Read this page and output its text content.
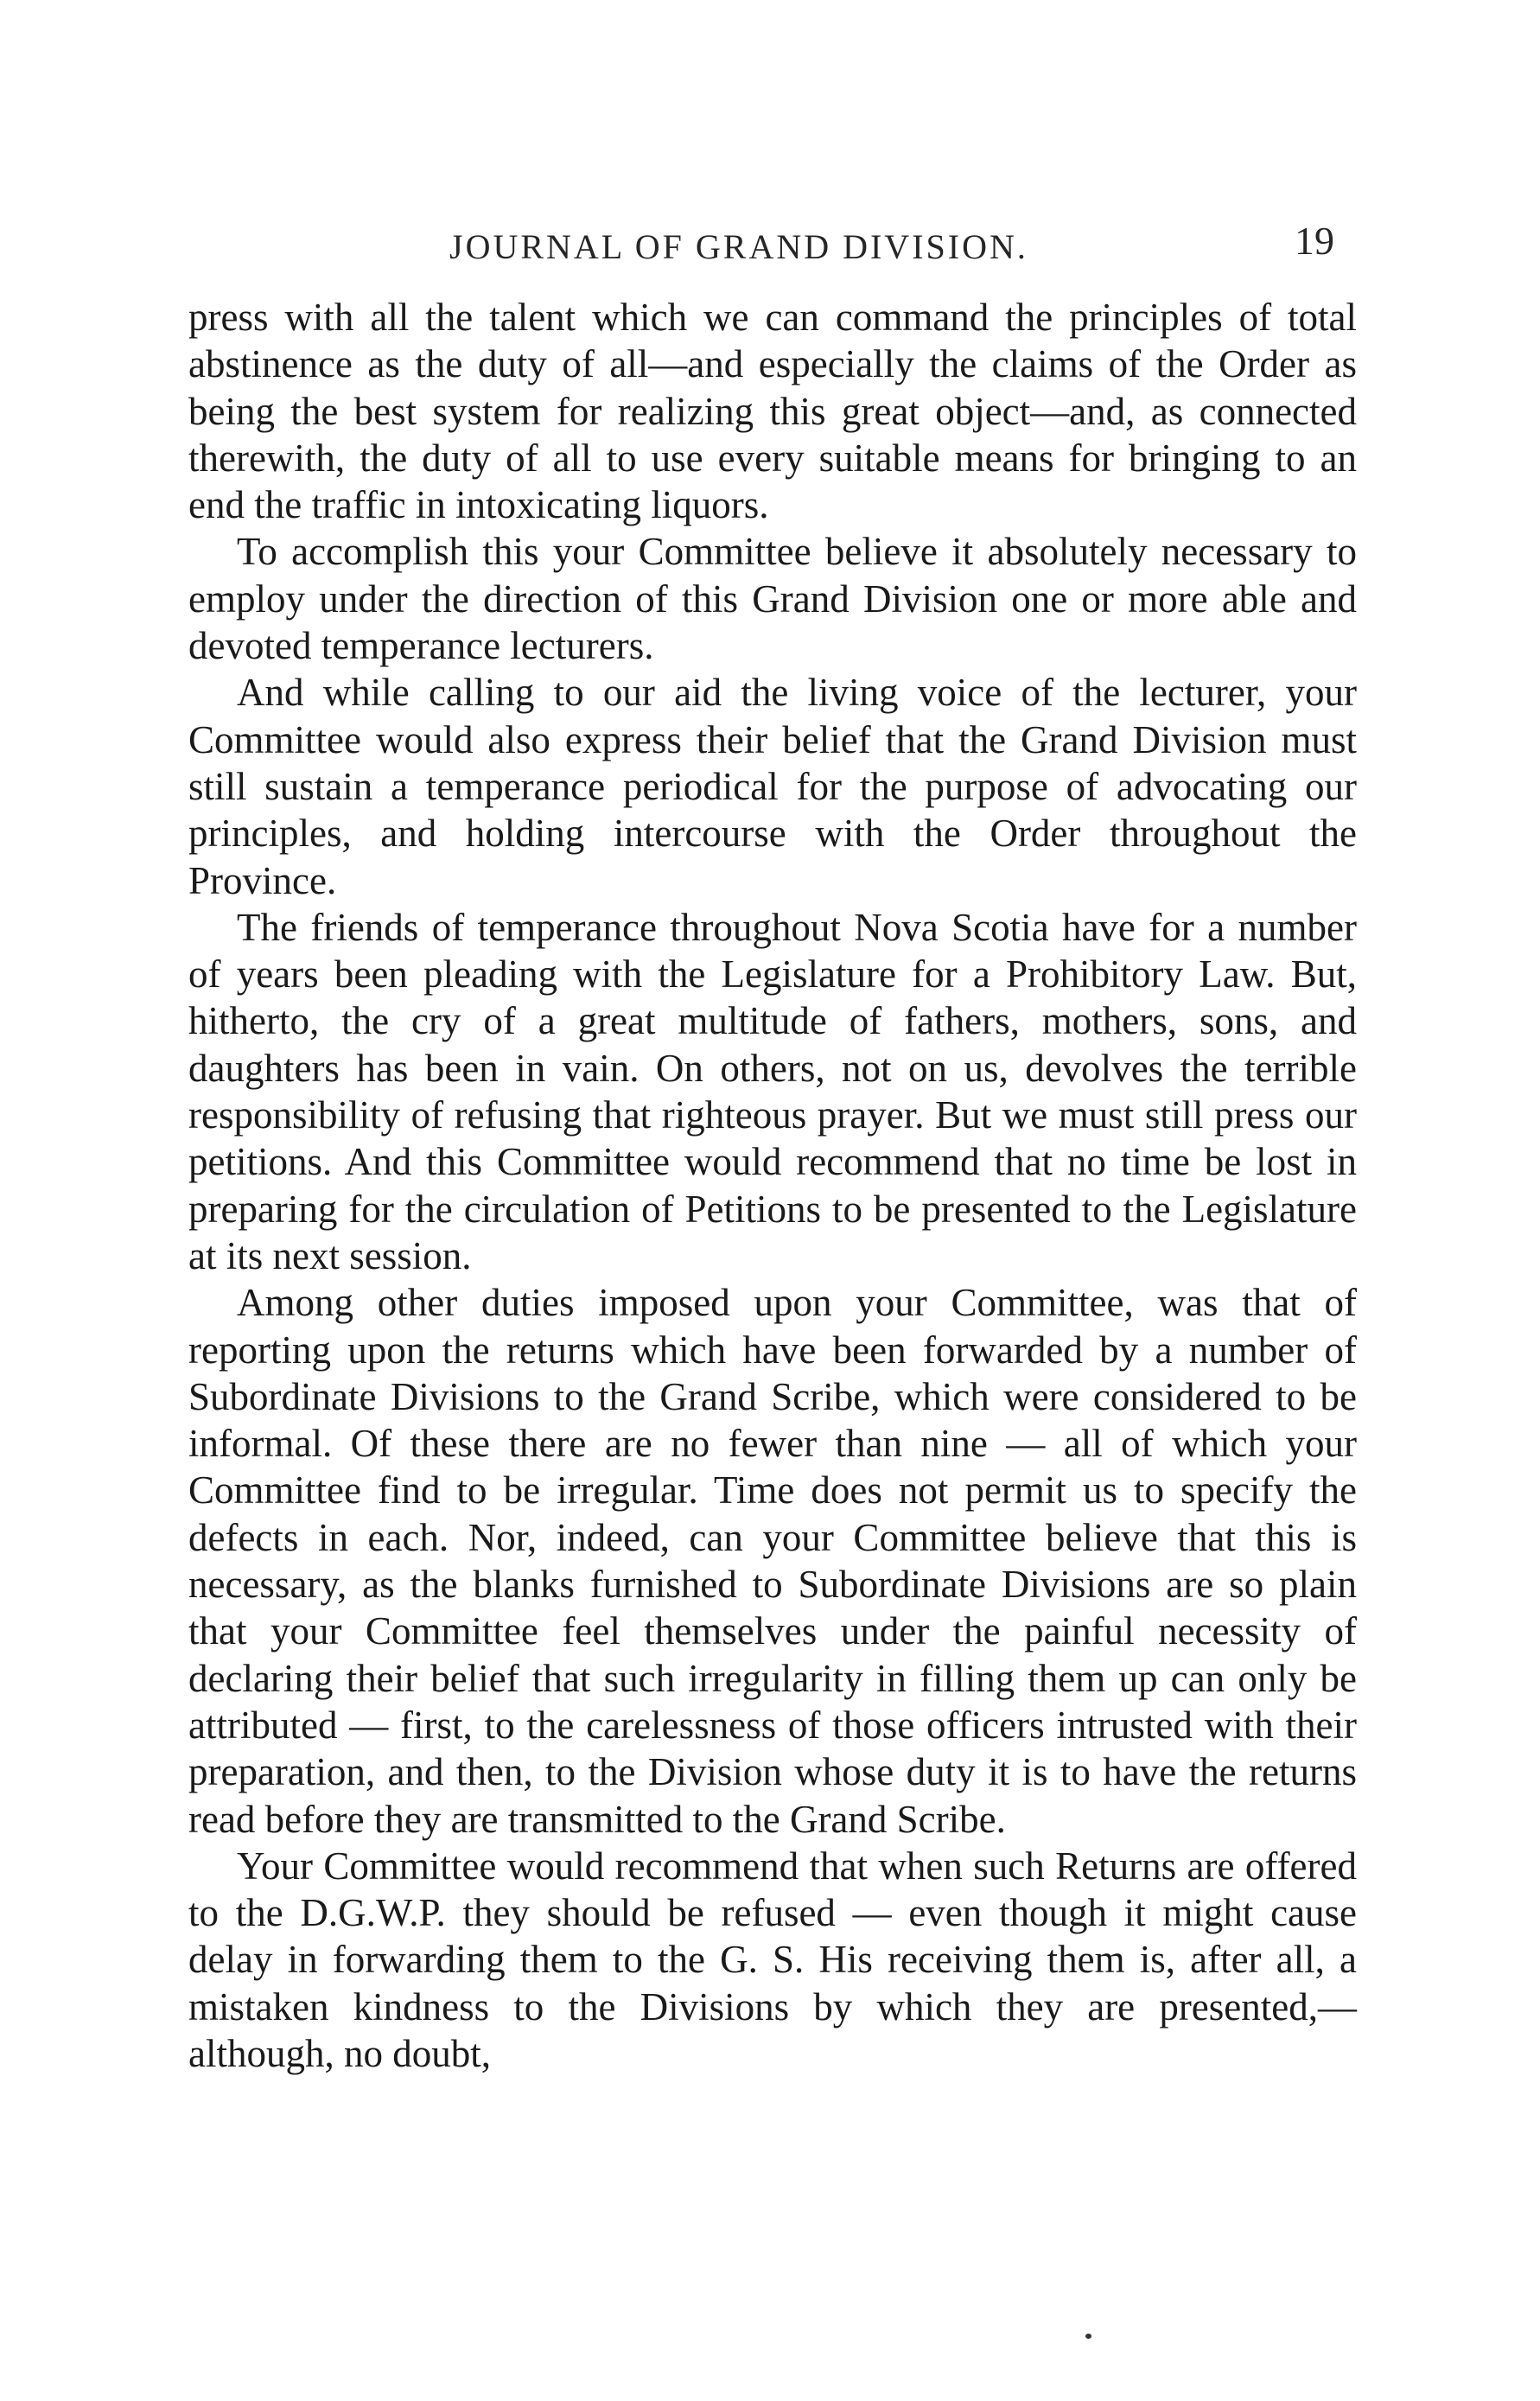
JOURNAL OF GRAND DIVISION.	19

press with all the talent which we can command the principles of total abstinence as the duty of all—and especially the claims of the Order as being the best system for realizing this great object—and, as connected therewith, the duty of all to use every suitable means for bringing to an end the traffic in intoxicating liquors.

To accomplish this your Committee believe it absolutely necessary to employ under the direction of this Grand Division one or more able and devoted temperance lecturers.

And while calling to our aid the living voice of the lecturer, your Committee would also express their belief that the Grand Division must still sustain a temperance periodical for the purpose of advocating our principles, and holding intercourse with the Order throughout the Province.

The friends of temperance throughout Nova Scotia have for a number of years been pleading with the Legislature for a Prohibitory Law. But, hitherto, the cry of a great multitude of fathers, mothers, sons, and daughters has been in vain. On others, not on us, devolves the terrible responsibility of refusing that righteous prayer. But we must still press our petitions. And this Committee would recommend that no time be lost in preparing for the circulation of Petitions to be presented to the Legislature at its next session.

Among other duties imposed upon your Committee, was that of reporting upon the returns which have been forwarded by a number of Subordinate Divisions to the Grand Scribe, which were considered to be informal. Of these there are no fewer than nine — all of which your Committee find to be irregular. Time does not permit us to specify the defects in each. Nor, indeed, can your Committee believe that this is necessary, as the blanks furnished to Subordinate Divisions are so plain that your Committee feel themselves under the painful necessity of declaring their belief that such irregularity in filling them up can only be attributed — first, to the carelessness of those officers intrusted with their preparation, and then, to the Division whose duty it is to have the returns read before they are transmitted to the Grand Scribe.

Your Committee would recommend that when such Returns are offered to the D.G.W.P. they should be refused — even though it might cause delay in forwarding them to the G. S. His receiving them is, after all, a mistaken kindness to the Divisions by which they are presented,—although, no doubt,
